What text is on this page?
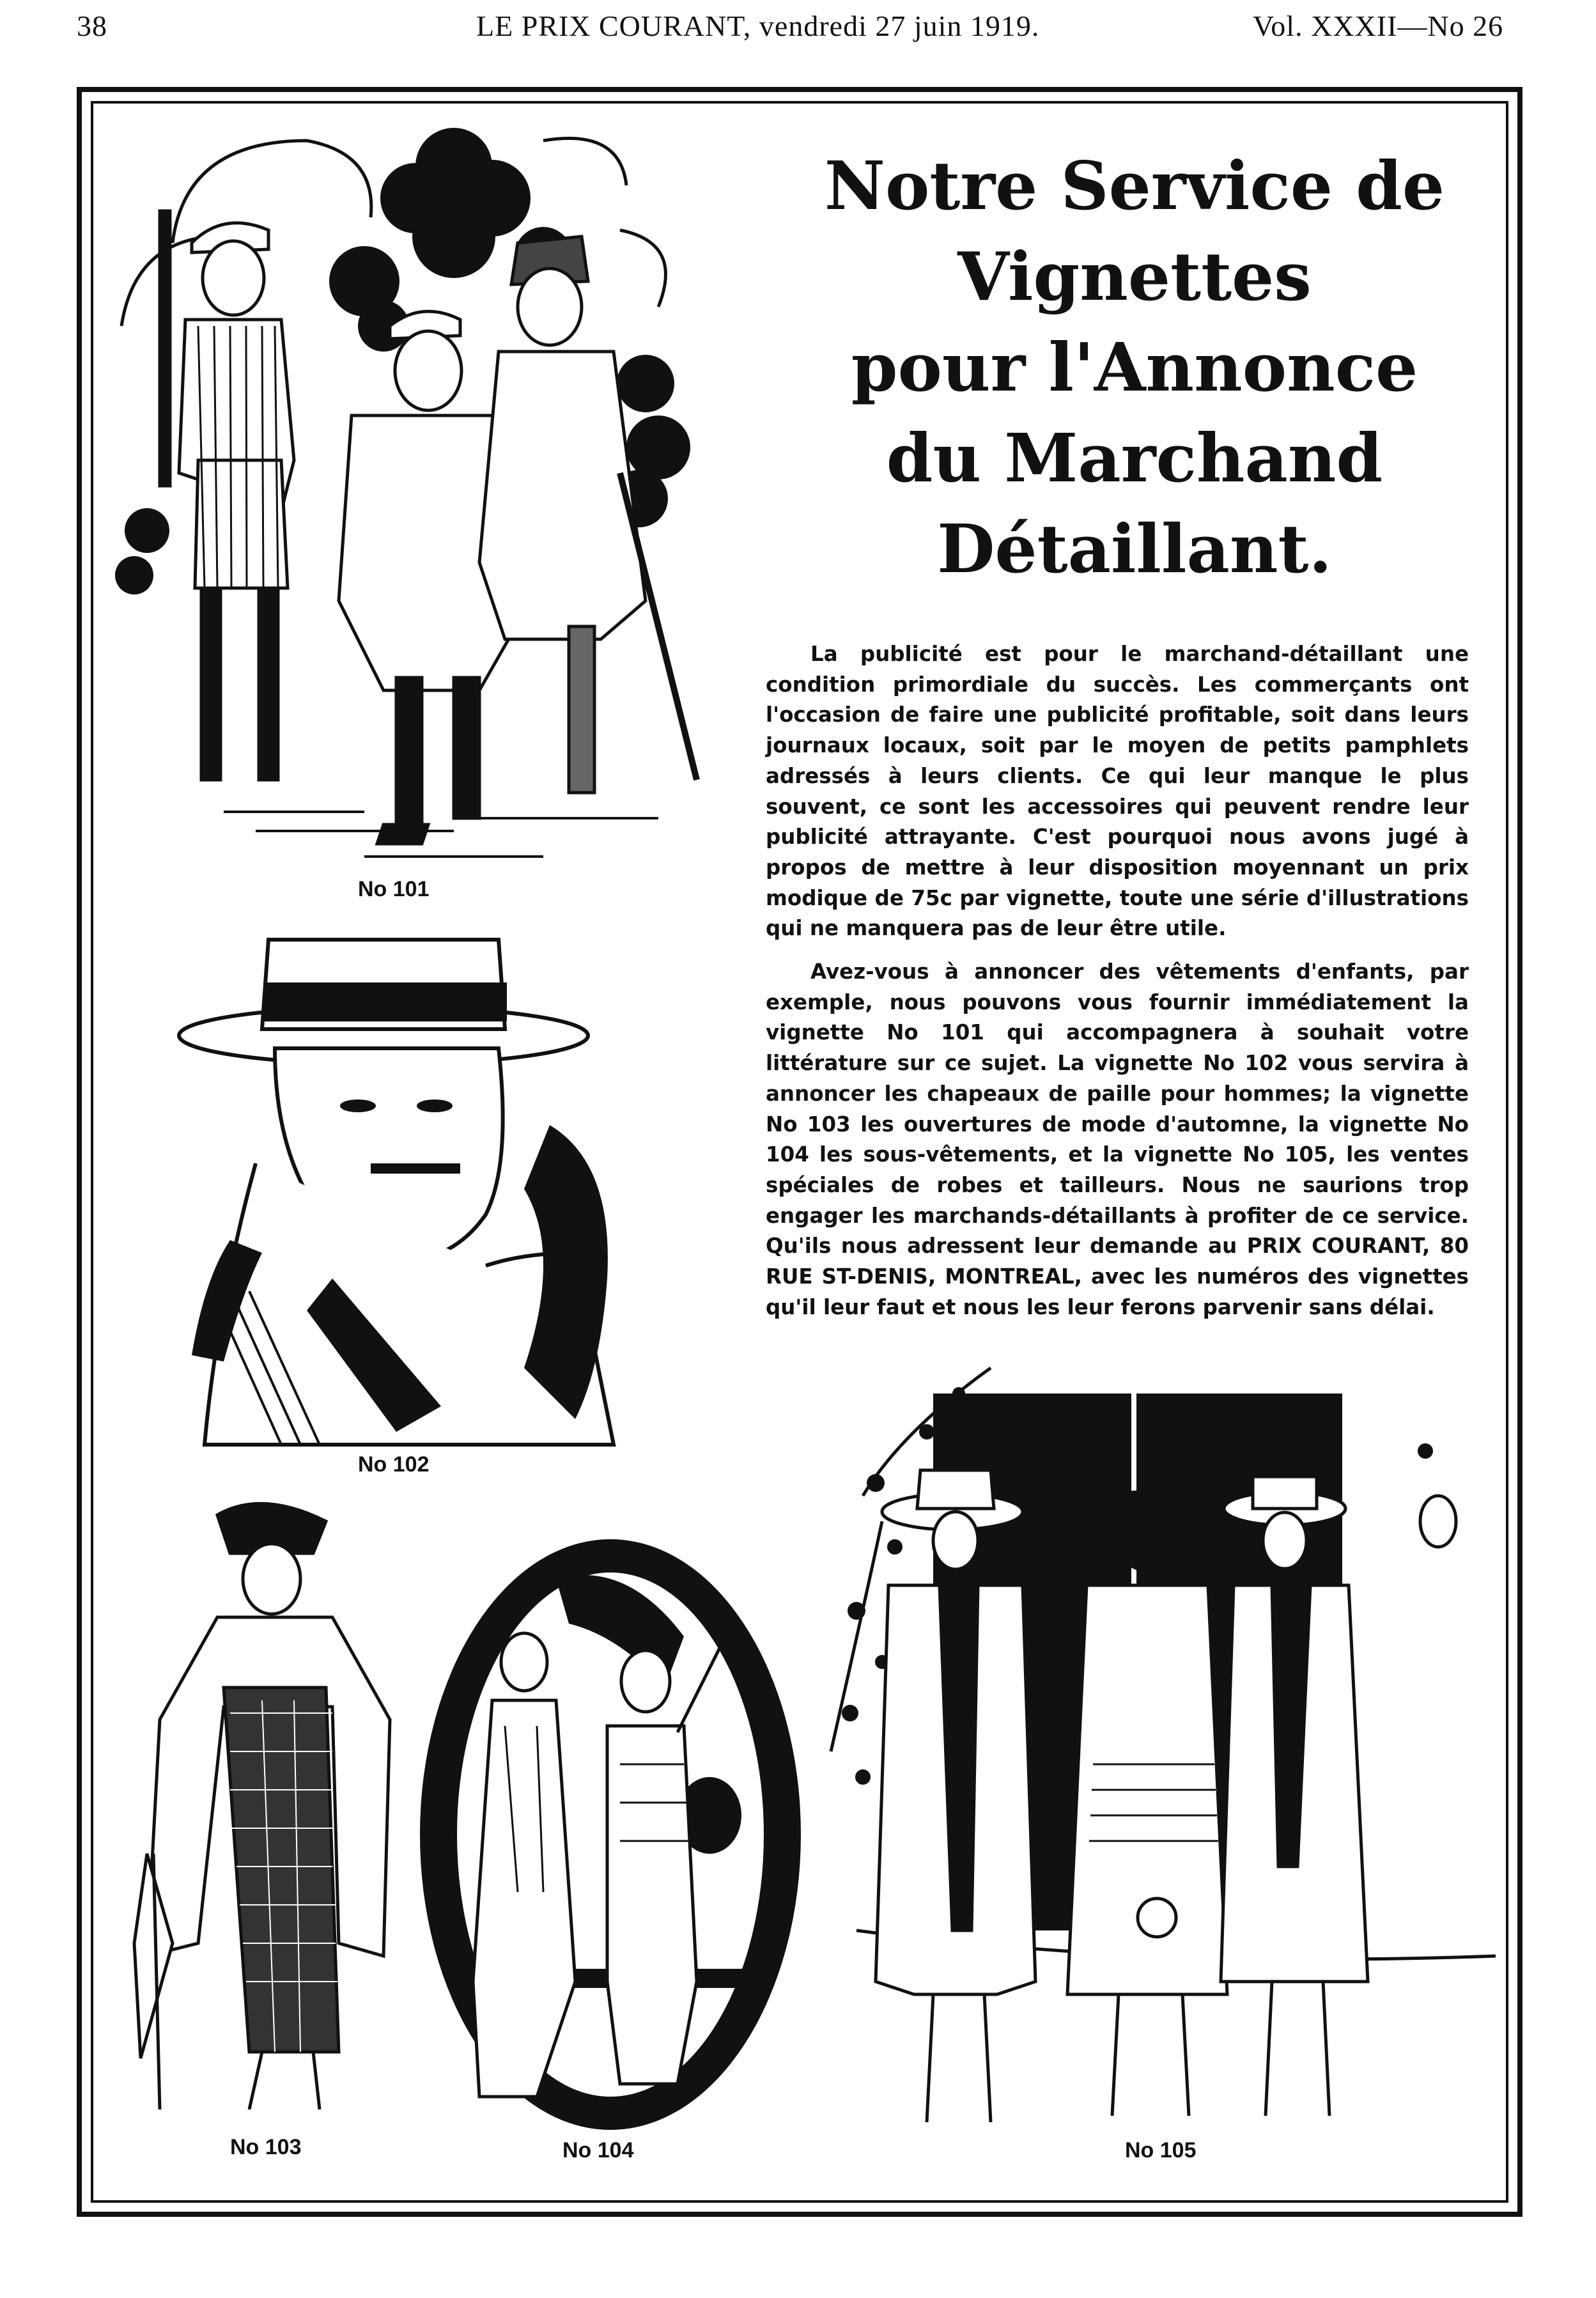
38	LE PRIX COURANT, vendredi 27 juin 1919.	Vol. XXXII—No 26
Notre Service de
Vignettes
pour l'Annonce
du Marchand
Détaillant.

La publicité est pour le marchand-détaillant une condition primordiale du succès. Les commerçants ont l'occasion de faire une publicité profitable, soit dans leurs journaux locaux, soit par le moyen de petits pamphlets adressés à leurs clients. Ce qui leur manque le plus souvent, ce sont les accessoires qui peuvent rendre leur publicité attrayante. C'est pourquoi nous avons jugé à propos de mettre à leur disposition moyennant un prix modique de 75c par vignette, toute une série d'illustrations qui ne manquera pas de leur être utile.

Avez-vous à annoncer des vêtements d'enfants, par exemple, nous pouvons vous fournir immédiatement la vignette No 101 qui accompagnera à souhait votre littérature sur ce sujet. La vignette No 102 vous servira à annoncer les chapeaux de paille pour hommes; la vignette No 103 les ouvertures de mode d'automne, la vignette No 104 les sous-vêtements, et la vignette No 105, les ventes spéciales de robes et tailleurs. Nous ne saurions trop engager les marchands-détaillants à profiter de ce service. Qu'ils nous adressent leur demande au PRIX COURANT, 80 RUE ST-DENIS, MONTREAL, avec les numéros des vignettes qu'il leur faut et nous les leur ferons parvenir sans délai.

No 101
No 102
No 103	No 104	No 105
